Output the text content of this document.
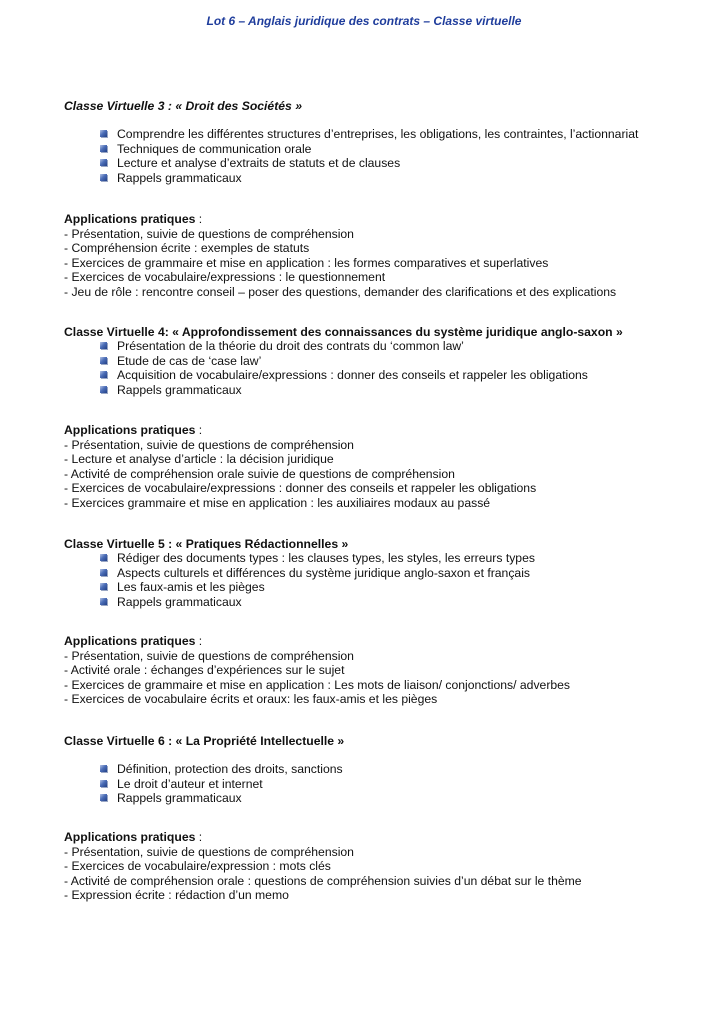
Lot 6 – Anglais juridique des contrats – Classe virtuelle
Classe Virtuelle 3 : « Droit des Sociétés »
Comprendre les différentes structures d’entreprises, les obligations, les contraintes, l’actionnariat
Techniques de communication orale
Lecture et analyse d’extraits de statuts et de clauses
Rappels grammaticaux
Applications pratiques :
- Présentation, suivie de questions de compréhension
- Compréhension écrite : exemples de statuts
- Exercices de grammaire et mise en application : les formes comparatives et superlatives
- Exercices de vocabulaire/expressions : le questionnement
- Jeu de rôle : rencontre conseil – poser des questions, demander des clarifications et des explications
Classe Virtuelle 4: « Approfondissement des connaissances du système juridique anglo-saxon »
Présentation de la théorie du droit des contrats du ‘common law’
Etude de cas de ‘case law’
Acquisition de vocabulaire/expressions : donner des conseils et rappeler les obligations
Rappels grammaticaux
Applications pratiques :
- Présentation, suivie de questions de compréhension
- Lecture et analyse d’article : la décision juridique
- Activité de compréhension orale suivie de questions de compréhension
- Exercices de vocabulaire/expressions : donner des conseils et rappeler les obligations
- Exercices grammaire et mise en application : les auxiliaires modaux au passé
Classe Virtuelle 5 : « Pratiques Rédactionnelles »
Rédiger des documents types : les clauses types, les styles, les erreurs types
Aspects culturels et différences du système juridique anglo-saxon et français
Les faux-amis et les pièges
Rappels grammaticaux
Applications pratiques :
- Présentation, suivie de questions de compréhension
- Activité orale : échanges d’expériences sur le sujet
- Exercices de grammaire et mise en application : Les mots de liaison/ conjonctions/ adverbes
- Exercices de vocabulaire écrits et oraux: les faux-amis et les pièges
Classe Virtuelle 6 : « La Propriété Intellectuelle »
Définition, protection des droits, sanctions
Le droit d’auteur et internet
Rappels grammaticaux
Applications pratiques :
- Présentation, suivie de questions de compréhension
- Exercices de vocabulaire/expression : mots clés
- Activité de compréhension orale : questions de compréhension suivies d’un débat sur le thème
- Expression écrite : rédaction d’un memo
